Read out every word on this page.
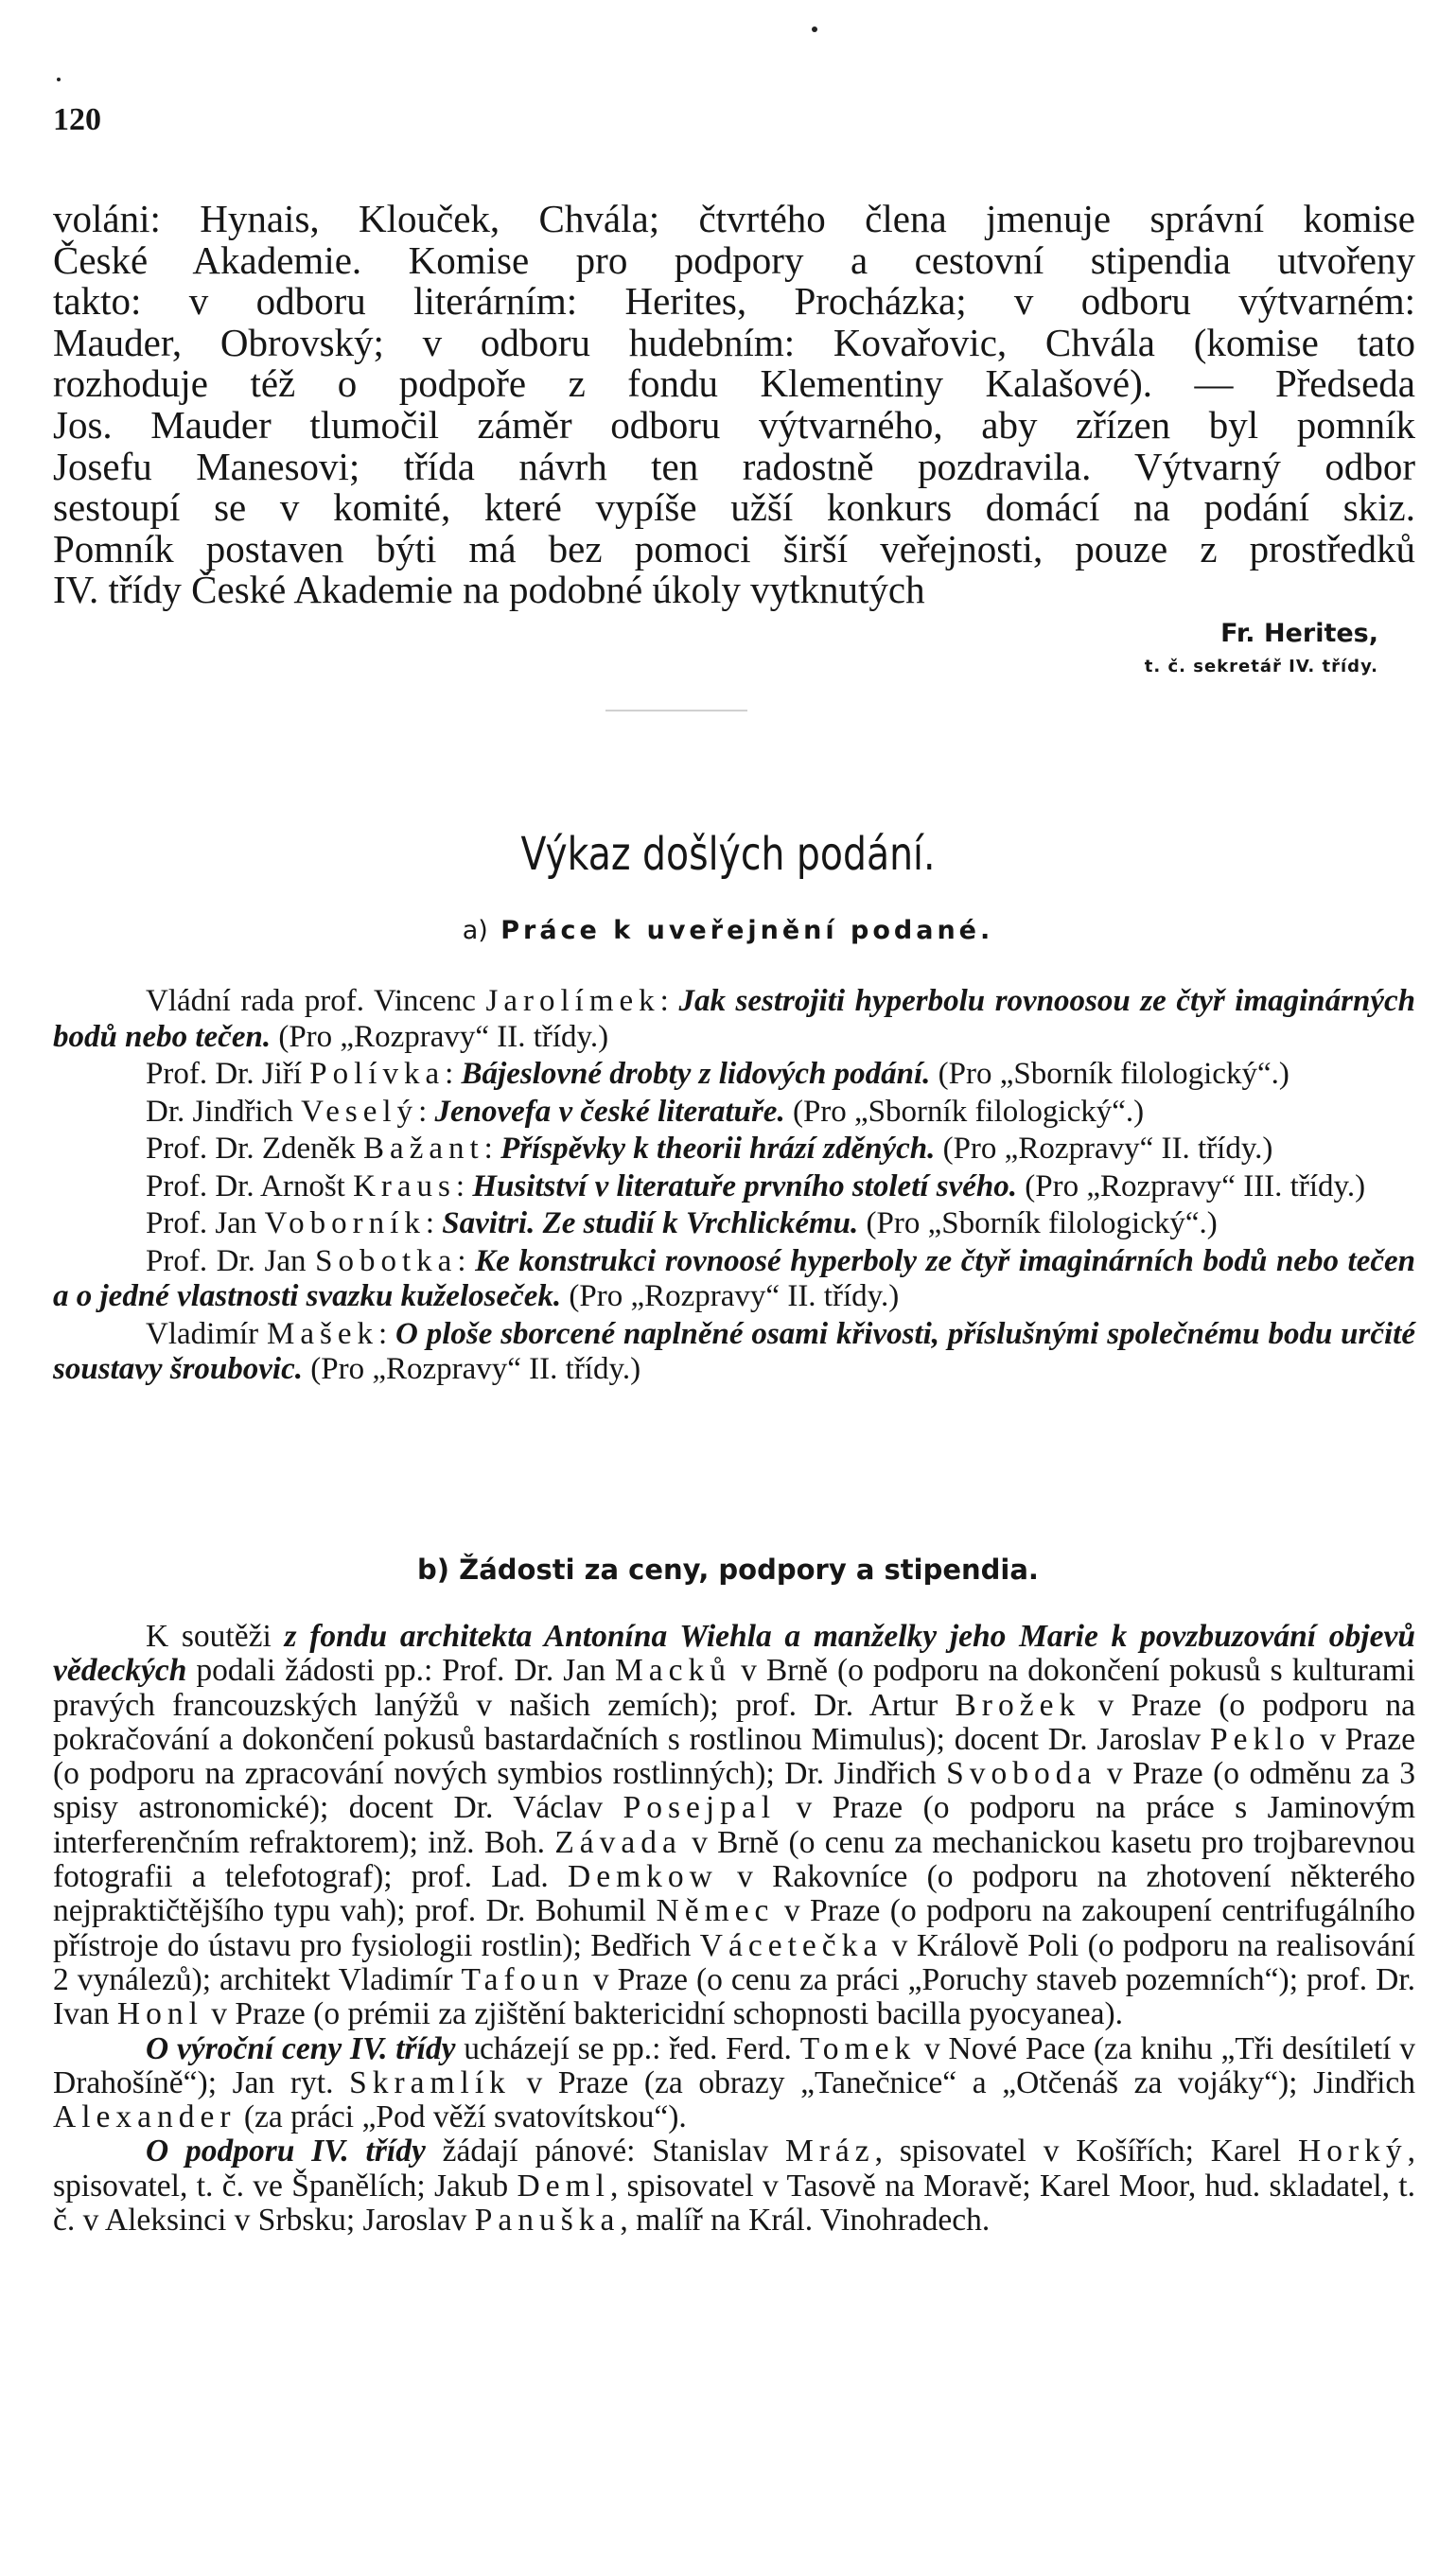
120
voláni: Hynais, Klouček, Chvála; čtvrtého člena jmenuje správní komise
České Akademie. Komise pro podpory a cestovní stipendia utvořeny
takto: v odboru literárním: Herites, Procházka; v odboru výtvarném:
Mauder, Obrovský; v odboru hudebním: Kovařovic, Chvála (komise tato
rozhoduje též o podpoře z fondu Klementiny Kalašové). — Předseda
Jos. Mauder tlumočil záměr odboru výtvarného, aby zřízen byl pomník
Josefu Manesovi; třída návrh ten radostně pozdravila. Výtvarný odbor
sestoupí se v komité, které vypíše užší konkurs domácí na podání skiz.
Pomník postaven býti má bez pomoci širší veřejnosti, pouze z prostředků
IV. třídy České Akademie na podobné úkoly vytknutých
Fr. Herites,
t. č. sekretář IV. třídy.
Výkaz došlých podání.
a) Práce k uveřejnění podané.

Vládní rada prof. Vincenc Jarolímek: Jak sestrojiti hyperbolu rovnoosou ze čtyř imaginárných bodů nebo tečen. (Pro „Rozpravy“ II. třídy.)

Prof. Dr. Jiří Polívka: Bájeslovné drobty z lidových podání. (Pro „Sborník filologický“.)

Dr. Jindřich Veselý: Jenovefa v české literatuře. (Pro „Sborník filologický“.)

Prof. Dr. Zdeněk Bažant: Příspěvky k theorii hrází zděných. (Pro „Rozpravy“ II. třídy.)

Prof. Dr. Arnošt Kraus: Husitství v literatuře prvního století svého. (Pro „Rozpravy“ III. třídy.)

Prof. Jan Voborník: Savitri. Ze studií k Vrchlickému. (Pro „Sborník filologický“.)

Prof. Dr. Jan Sobotka: Ke konstrukci rovnoosé hyperboly ze čtyř imaginárních bodů nebo tečen a o jedné vlastnosti svazku kuželoseček. (Pro „Rozpravy“ II. třídy.)

Vladimír Mašek: O ploše sborcené naplněné osami křivosti, příslušnými společnému bodu určité soustavy šroubovic. (Pro „Rozpravy“ II. třídy.)

b) Žádosti za ceny, podpory a stipendia.

K soutěži z fondu architekta Antonína Wiehla a manželky jeho Marie k povzbuzování objevů vědeckých podali žádosti pp.: Prof. Dr. Jan Macků v Brně (o podporu na dokončení pokusů s kulturami pravých francouzských lanýžů v našich zemích); prof. Dr. Artur Brožek v Praze (o podporu na pokračování a dokončení pokusů bastardačních s rostlinou Mimulus); docent Dr. Jaroslav Peklo v Praze (o podporu na zpracování nových symbios rostlinných); Dr. Jindřich Svoboda v Praze (o odměnu za 3 spisy astronomické); docent Dr. Václav Posejpal v Praze (o podporu na práce s Jaminovým interferenčním refraktorem); inž. Boh. Závada v Brně (o cenu za mechanickou kasetu pro trojbarevnou fotografii a telefotograf); prof. Lad. Demkow v Rakovníce (o podporu na zhotovení některého nejpraktičtějšího typu vah); prof. Dr. Bohumil Němec v Praze (o podporu na zakoupení centrifugálního přístroje do ústavu pro fysiologii rostlin); Bedřich Vácetečka v Králově Poli (o podporu na realisování 2 vynálezů); architekt Vladimír Tafoun v Praze (o cenu za práci „Poruchy staveb pozemních“); prof. Dr. Ivan Honl v Praze (o prémii za zjištění baktericidní schopnosti bacilla pyocyanea).

O výroční ceny IV. třídy ucházejí se pp.: řed. Ferd. Tomek v Nové Pace (za knihu „Tři desítiletí v Drahošíně“); Jan ryt. Skramlík v Praze (za obrazy „Tanečnice“ a „Otčenáš za vojáky“); Jindřich Alexander (za práci „Pod věží svatovítskou“).

O podporu IV. třídy žádají pánové: Stanislav Mráz, spisovatel v Košířích; Karel Horký, spisovatel, t. č. ve Španělích; Jakub Deml, spisovatel v Tasově na Moravě; Karel Moor, hud. skladatel, t. č. v Aleksinci v Srbsku; Jaroslav Panuška, malíř na Král. Vinohradech.
